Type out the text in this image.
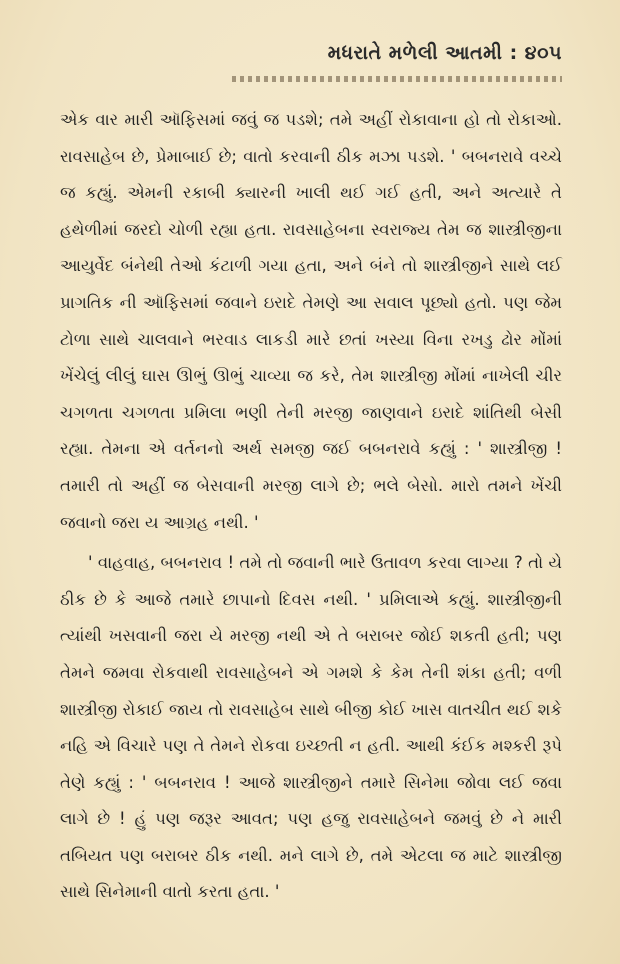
મધરાતે મળેલી આતમી : ૪૦૫

એક વાર મારી ઑફિસમાં જવું જ પડશે; તમે અહીં રોકાવાના હો તો રોકાઓ. રાવસાહેબ છે, પ્રેમાબાઈ છે; વાતો કરવાની ઠીક મઝા પડશે. ' બબનરાવે વચ્ચે જ કહ્યું. એમની રકાબી ક્યારની ખાલી થઈ ગઈ હતી, અને અત્યારે તે હથેળીમાં જરદો ચોળી રહ્યા હતા. રાવસાહેબના સ્વરાજ્ય તેમ જ શાસ્ત્રીજીના આયુર્વેદ બંનેથી તેઓ કંટાળી ગયા હતા, અને બંને તો શાસ્ત્રીજીને સાથે લઈ પ્રાગતિક ની ઑફિસમાં જવાને ઇરાદે તેમણે આ સવાલ પૂછ્યો હતો. પણ જેમ ટોળા સાથે ચાલવાને ભરવાડ લાકડી મારે છતાં ખસ્યા વિના રખડુ ઢોર મોંમાં ખેંચેલું લીલું ઘાસ ઊભું ઊભું ચાવ્યા જ કરે, તેમ શાસ્ત્રીજી મોંમાં નાખેલી ચીર ચગળતા ચગળતા પ્રમિલા ભણી તેની મરજી જાણવાને ઇરાદે શાંતિથી બેસી રહ્યા. તેમના એ વર્તનનો અર્થ સમજી જઈ બબનરાવે કહ્યું : ' શાસ્ત્રીજી ! તમારી તો અહીં જ બેસવાની મરજી લાગે છે; ભલે બેસો. મારો તમને ખેંચી જવાનો જરા ય આગ્રહ નથી. '

' વાહવાહ, બબનરાવ ! તમે તો જવાની ભારે ઉતાવળ કરવા લાગ્યા ? તો યે ઠીક છે કે આજે તમારે છાપાનો દિવસ નથી. ' પ્રમિલાએ કહ્યું. શાસ્ત્રીજીની ત્યાંથી ખસવાની જરા યે મરજી નથી એ તે બરાબર જોઈ શકતી હતી; પણ તેમને જમવા રોકવાથી રાવસાહેબને એ ગમશે કે કેમ તેની શંકા હતી; વળી શાસ્ત્રીજી રોકાઈ જાય તો રાવસાહેબ સાથે બીજી કોઈ ખાસ વાતચીત થઈ શકે નહિ એ વિચારે પણ તે તેમને રોકવા ઇચ્છતી ન હતી. આથી કંઈક મશ્કરી રૂપે તેણે કહ્યું : ' બબનરાવ ! આજે શાસ્ત્રીજીને તમારે સિનેમા જોવા લઈ જવા લાગે છે ! હું પણ જરૂર આવત; પણ હજુ રાવસાહેબને જમવું છે ને મારી તબિયત પણ બરાબર ઠીક નથી. મને લાગે છે, તમે એટલા જ માટે શાસ્ત્રીજી સાથે સિનેમાની વાતો કરતા હતા. '
